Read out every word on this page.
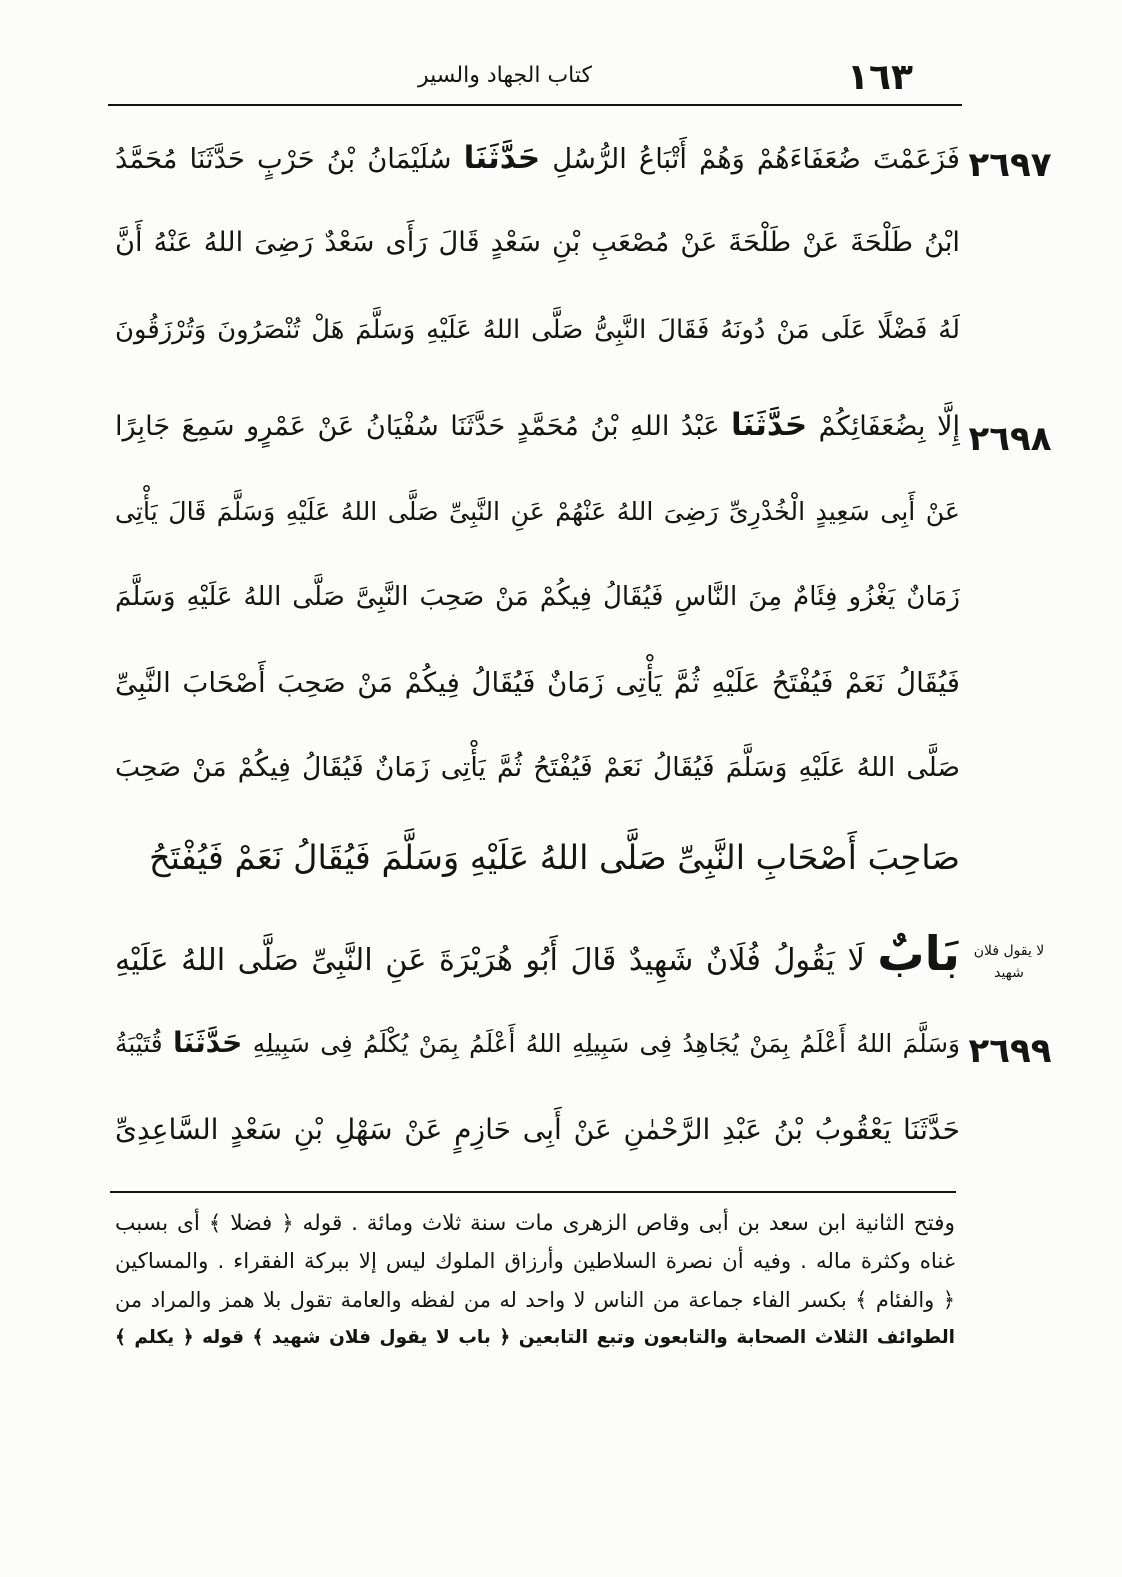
١٦٣
كتاب الجهاد والسير
٢٦٩٧
٢٦٩٨
٢٦٩٩
لا يقول فلان
شهيد
فَزَعَمْتَ ضُعَفَاءَهُمْ وَهُمْ أَتْبَاعُ الرُّسُلِ حَدَّثَنَا سُلَيْمَانُ بْنُ حَرْبٍ حَدَّثَنَا مُحَمَّدُ
ابْنُ طَلْحَةَ عَنْ طَلْحَةَ عَنْ مُصْعَبِ بْنِ سَعْدٍ قَالَ رَأَى سَعْدٌ رَضِىَ اللهُ عَنْهُ أَنَّ
لَهُ فَضْلًا عَلَى مَنْ دُونَهُ فَقَالَ النَّبِىُّ صَلَّى اللهُ عَلَيْهِ وَسَلَّمَ هَلْ تُنْصَرُونَ وَتُرْزَقُونَ
إِلَّا بِضُعَفَائِكُمْ حَدَّثَنَا عَبْدُ اللهِ بْنُ مُحَمَّدٍ حَدَّثَنَا سُفْيَانُ عَنْ عَمْرٍو سَمِعَ جَابِرًا
عَنْ أَبِى سَعِيدٍ الْخُدْرِىِّ رَضِىَ اللهُ عَنْهُمْ عَنِ النَّبِىِّ صَلَّى اللهُ عَلَيْهِ وَسَلَّمَ قَالَ يَأْتِى
زَمَانٌ يَغْزُو فِئَامٌ مِنَ النَّاسِ فَيُقَالُ فِيكُمْ مَنْ صَحِبَ النَّبِىَّ صَلَّى اللهُ عَلَيْهِ وَسَلَّمَ
فَيُقَالُ نَعَمْ فَيُفْتَحُ عَلَيْهِ ثُمَّ يَأْتِى زَمَانٌ فَيُقَالُ فِيكُمْ مَنْ صَحِبَ أَصْحَابَ النَّبِىِّ
صَلَّى اللهُ عَلَيْهِ وَسَلَّمَ فَيُقَالُ نَعَمْ فَيُفْتَحُ ثُمَّ يَأْتِى زَمَانٌ فَيُقَالُ فِيكُمْ مَنْ صَحِبَ
صَاحِبَ أَصْحَابِ النَّبِىِّ صَلَّى اللهُ عَلَيْهِ وَسَلَّمَ فَيُقَالُ نَعَمْ فَيُفْتَحُ
بَابٌ لَا يَقُولُ فُلَانٌ شَهِيدٌ قَالَ أَبُو هُرَيْرَةَ عَنِ النَّبِىِّ صَلَّى اللهُ عَلَيْهِ
وَسَلَّمَ اللهُ أَعْلَمُ بِمَنْ يُجَاهِدُ فِى سَبِيلِهِ اللهُ أَعْلَمُ بِمَنْ يُكْلَمُ فِى سَبِيلِهِ حَدَّثَنَا قُتَيْبَةُ
حَدَّثَنَا يَعْقُوبُ بْنُ عَبْدِ الرَّحْمٰنِ عَنْ أَبِى حَازِمٍ عَنْ سَهْلِ بْنِ سَعْدٍ السَّاعِدِىِّ
وفتح الثانية ابن سعد بن أبى وقاص الزهرى مات سنة ثلاث ومائة . قوله ﴿ فضلا ﴾ أى بسبب
غناه وكثرة ماله . وفيه أن نصرة السلاطين وأرزاق الملوك ليس إلا ببركة الفقراء . والمساكين
﴿ والفئام ﴾ بكسر الفاء جماعة من الناس لا واحد له من لفظه والعامة تقول بلا همز والمراد من
الطوائف الثلاث الصحابة والتابعون وتبع التابعين ﴿ باب لا يقول فلان شهيد ﴾ قوله ﴿ يكلم ﴾
